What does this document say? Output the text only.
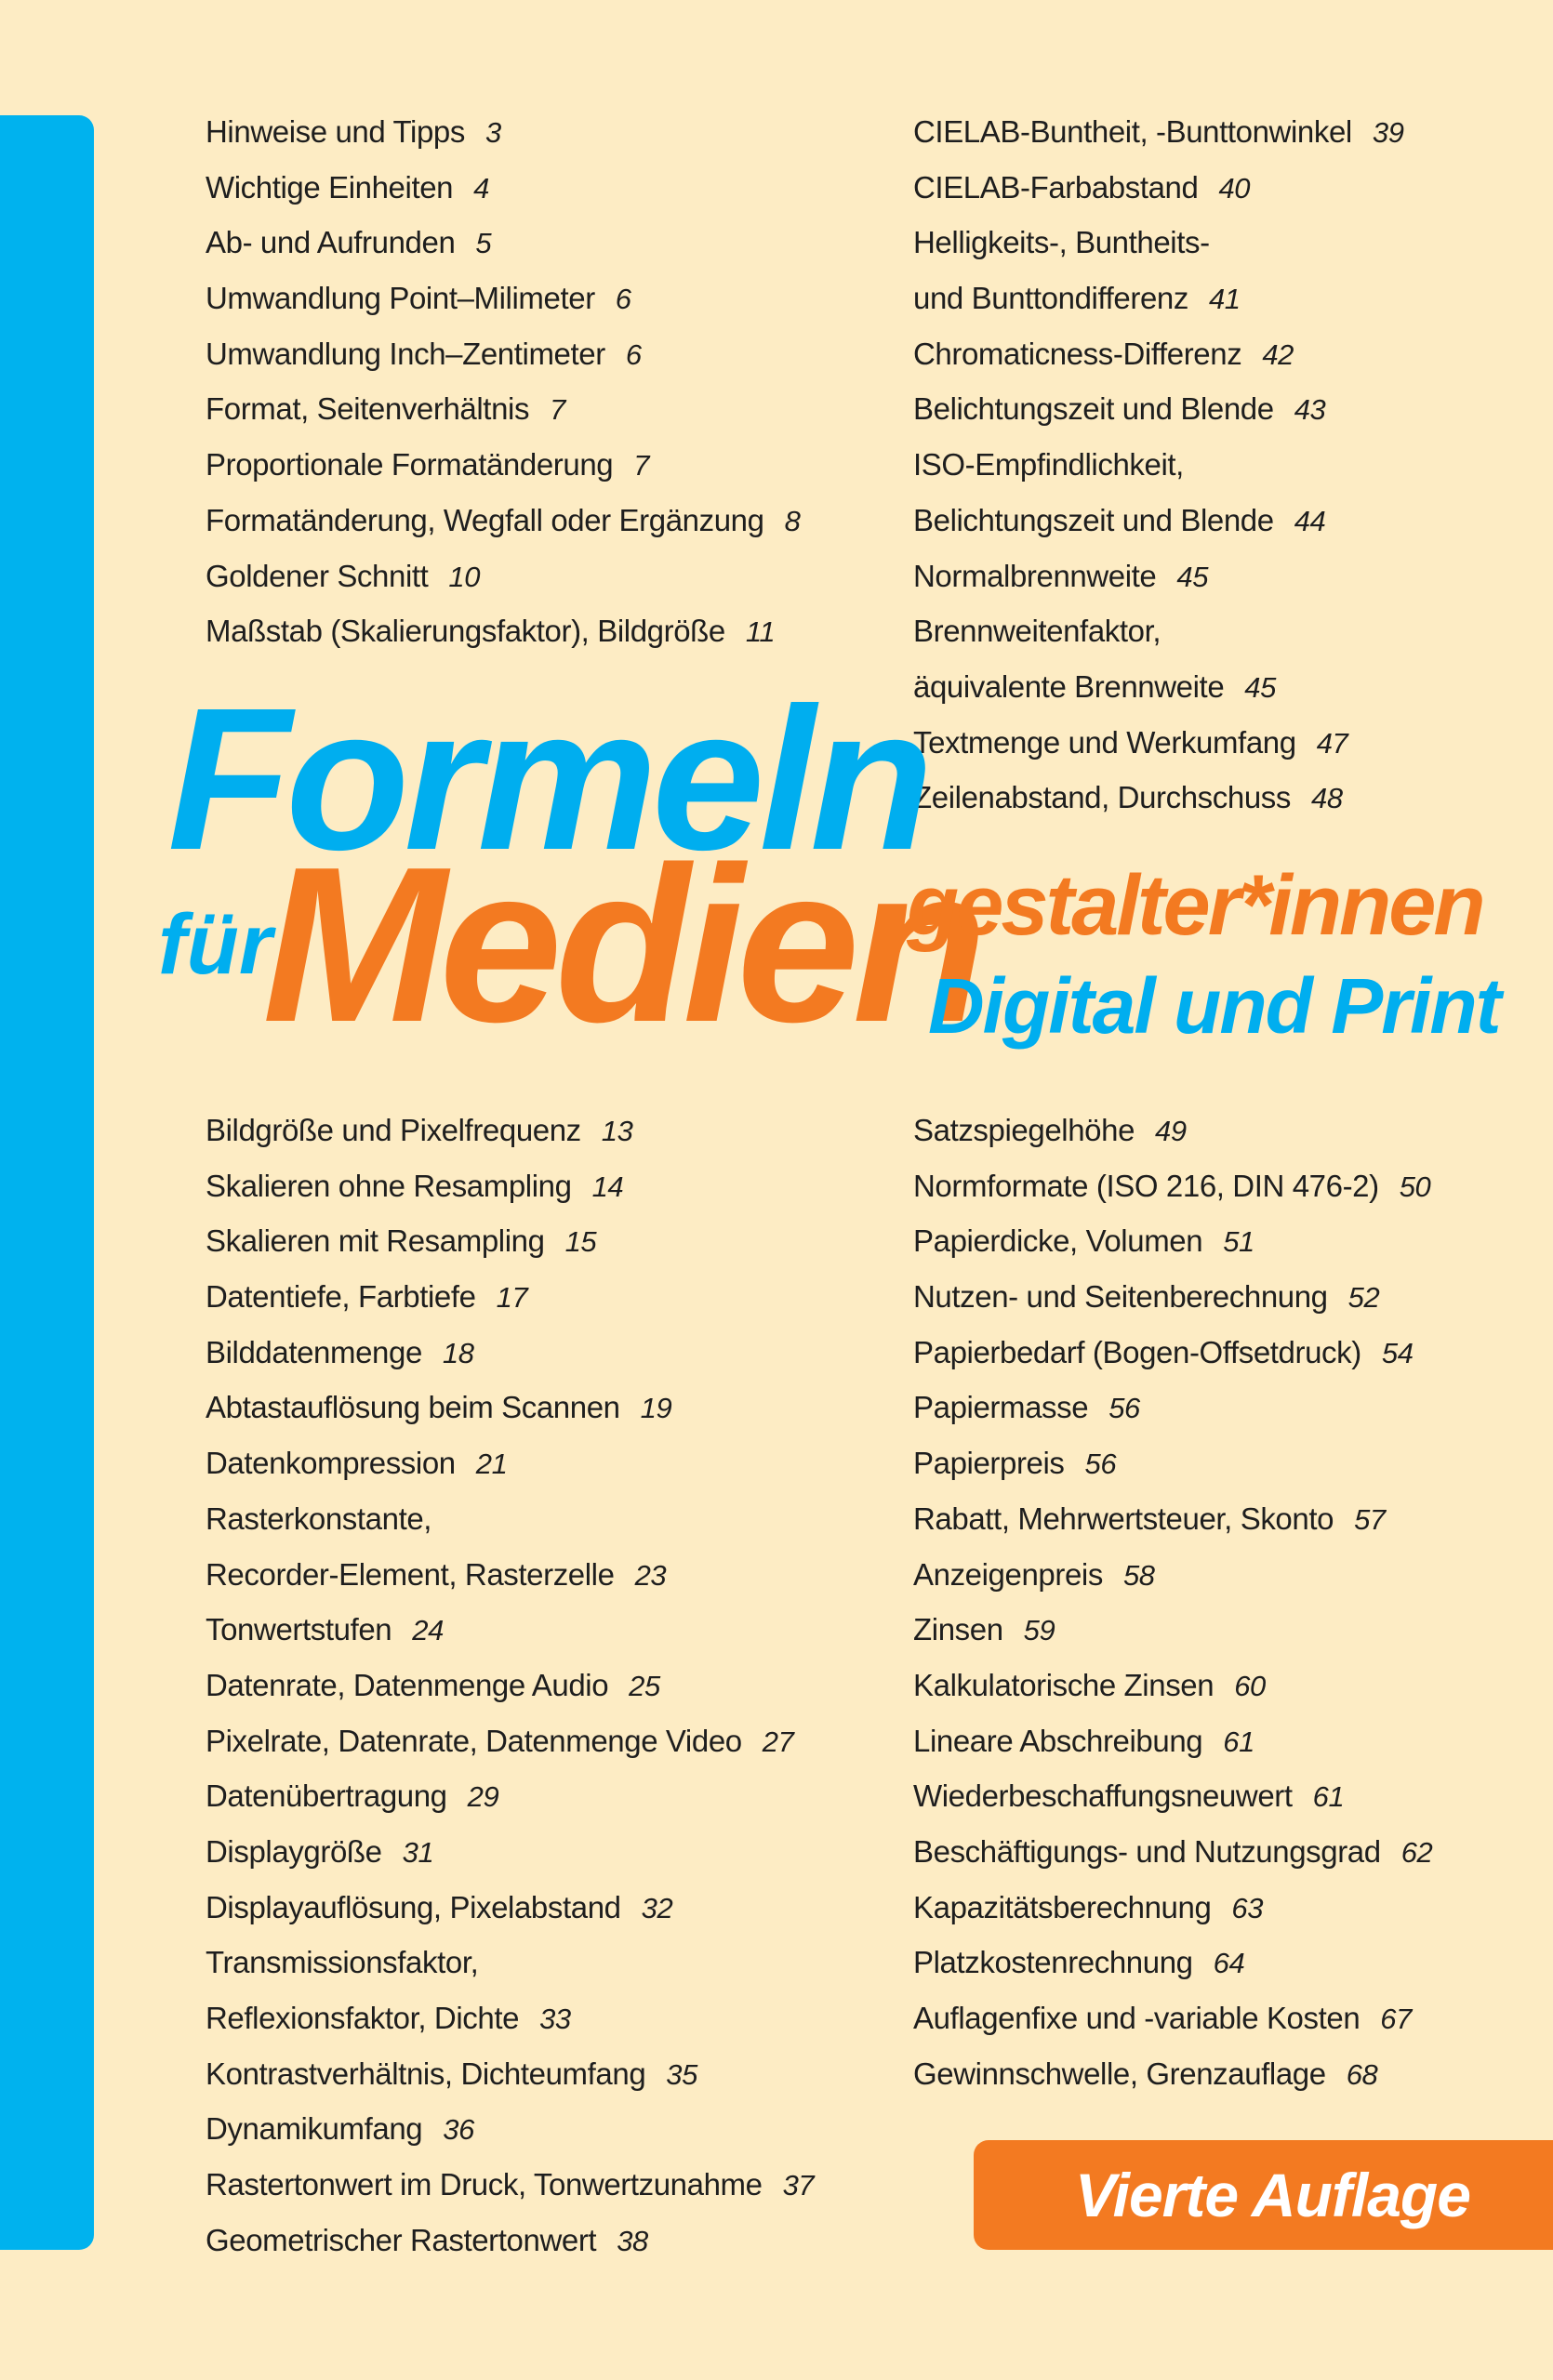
Hinweise und Tipps 3
Wichtige Einheiten 4
Ab- und Aufrunden 5
Umwandlung Point–Milimeter 6
Umwandlung Inch–Zentimeter 6
Format, Seitenverhältnis 7
Proportionale Formatänderung 7
Formatänderung, Wegfall oder Ergänzung 8
Goldener Schnitt 10
Maßstab (Skalierungsfaktor), Bildgröße 11
CIELAB-Buntheit, -Bunttonwinkel 39
CIELAB-Farbabstand 40
Helligkeits-, Buntheits-
und Bunttondifferenz 41
Chromaticness-Differenz 42
Belichtungszeit und Blende 43
ISO-Empfindlichkeit,
Belichtungszeit und Blende 44
Normalbrennweite 45
Brennweitenfaktor,
äquivalente Brennweite 45
Textmenge und Werkumfang 47
Zeilenabstand, Durchschuss 48
Formeln
für
Medien
gestalter*innen
Digital und Print
Bildgröße und Pixelfrequenz 13
Skalieren ohne Resampling 14
Skalieren mit Resampling 15
Datentiefe, Farbtiefe 17
Bilddatenmenge 18
Abtastauflösung beim Scannen 19
Datenkompression 21
Rasterkonstante,
Recorder-Element, Rasterzelle 23
Tonwertstufen 24
Datenrate, Datenmenge Audio 25
Pixelrate, Datenrate, Datenmenge Video 27
Datenübertragung 29
Displaygröße 31
Displayauflösung, Pixelabstand 32
Transmissionsfaktor,
Reflexionsfaktor, Dichte 33
Kontrastverhältnis, Dichteumfang 35
Dynamikumfang 36
Rastertonwert im Druck, Tonwertzunahme 37
Geometrischer Rastertonwert 38
Satzspiegelhöhe 49
Normformate (ISO 216, DIN 476-2) 50
Papierdicke, Volumen 51
Nutzen- und Seitenberechnung 52
Papierbedarf (Bogen-Offsetdruck) 54
Papiermasse 56
Papierpreis 56
Rabatt, Mehrwertsteuer, Skonto 57
Anzeigenpreis 58
Zinsen 59
Kalkulatorische Zinsen 60
Lineare Abschreibung 61
Wiederbeschaffungsneuwert 61
Beschäftigungs- und Nutzungsgrad 62
Kapazitätsberechnung 63
Platzkostenrechnung 64
Auflagenfixe und -variable Kosten 67
Gewinnschwelle, Grenzauflage 68
Vierte Auflage
